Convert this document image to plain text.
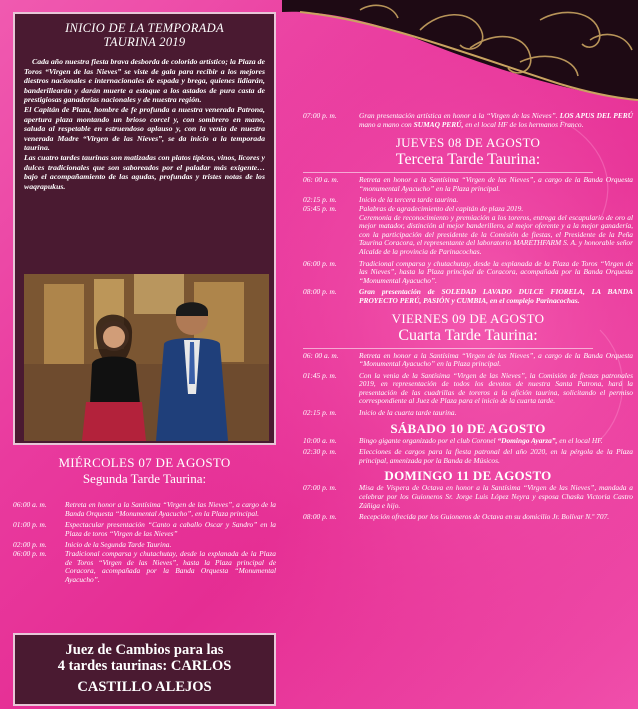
INICIO DE LA TEMPORADA
TAURINA 2019

Cada año nuestra fiesta brava desborda de colorido artístico; la Plaza de Toros “Virgen de las Nieves” se viste de gala para recibir a los mejores diestros nacionales e internacionales de espada y brega, quienes lidiarán, banderillearán y darán muerte a estoque a los astados de pura casta de prestigiosas ganaderías nacionales y de nuestra región.

El Capitán de Plaza, hombre de fe profunda a nuestra venerada Patrona, apertura plaza montando un brioso corcel y, con sombrero en mano, saluda al respetable en estruendoso aplauso y, con la venia de nuestra venerada Madre “Virgen de las Nieves”, se da inicio a la temporada taurina.

Las cuatro tardes taurinas son matizadas con platos típicos, vinos, licores y dulces tradicionales que son saboreados por el paladar más exigente… bajo el acompañamiento de las agudas, profundas y tristes notas de los waqrapukus.

MIÉRCOLES 07 DE AGOSTO
Segunda Tarde Taurina:
06:00 a. m.	Retreta en honor a la Santísima “Virgen de las Nieves”, a cargo de la Banda Orquesta “Monumental Ayacucho”, en la Plaza principal.
01:00 p. m.	Espectacular presentación “Canto a caballo Oscar y Sandro” en la Plaza de toros “Virgen de las Nieves”
02:00 p. m.	Inicio de la Segunda Tarde Taurina.
06:00 p. m.	Tradicional comparsa y chutachutay, desde la explanada de la Plaza de Toros “Virgen de las Nieves”, hasta la Plaza principal de Coracora, acompañada por la Banda Orquesta “Monumental Ayacucho”.
Juez de Cambios para las
4 tardes taurinas: CARLOS
CASTILLO ALEJOS
07:00 p. m.	Gran presentación artística en honor a la “Virgen de las Nieves”. LOS APUS DEL PERÚ mano a mano con SUMAQ PERÚ, en el local HF de los hermanos Franco.
JUEVES 08 DE AGOSTO
Tercera Tarde Taurina:
06: 00 a. m.	Retreta en honor a la Santísima “Virgen de las Nieves”, a cargo de la Banda Orquesta “monumental Ayacucho” en la Plaza principal.
02:15 p. m.	Inicio de la tercera tarde taurina.
05:45 p. m.	Palabras de agradecimiento del capitán de plaza 2019.
Ceremonia de reconocimiento y premiación a los toreros, entrega del escapulario de oro al mejor matador, distinción al mejor banderillero, al mejor oferente y a la mejor ganadería, con la participación del presidente de la Comisión de fiestas, el Presidente de la Peña Taurina Coracora, el representante del laboratorio MARETHFARM S. A. y honorable señor Alcalde de la provincia de Parinacochas.
06:00 p. m.	Tradicional comparsa y chutachutay, desde la explanada de la Plaza de Toros “Virgen de las Nieves”, hasta la Plaza principal de Coracora, acompañada por la Banda Orquesta “Monumental Ayacucho”.
08:00 p. m.	Gran presentación de SOLEDAD LAVADO DULCE FIORELA, LA BANDA PROYECTO PERÚ, PASIÓN y CUMBIA, en el complejo Parinacochas.
VIERNES 09 DE AGOSTO
Cuarta Tarde Taurina:
06: 00 a. m.	Retreta en honor a la Santísima “Virgen de las Nieves”, a cargo de la Banda Orquesta “Monumental Ayacucho” en la Plaza principal.
01:45 p. m.	Con la venia de la Santísima “Virgen de las Nieves”, la Comisión de fiestas patronales 2019, en representación de todos los devotos de nuestra Santa Patrona, hará la presentación de las cuadrillas de toreros a la afición taurina, solicitando el permiso correspondiente al Juez de Plaza para el inicio de la cuarta tarde.
02:15 p. m.	Inicio de la cuarta tarde taurina.
SÁBADO 10 DE AGOSTO
10:00 a. m.	Bingo gigante organizado por el club Coronel “Domingo Ayarza”, en el local HF.
02:30 p. m.	Elecciones de cargos para la fiesta patronal del año 2020, en la pérgola de la Plaza principal, amenizada por la Banda de Músicos.
DOMINGO 11 DE AGOSTO
07:00 p. m.	Misa de Víspera de Octava en honor a la Santísima “Virgen de las Nieves”, mandada a celebrar por los Guioneros Sr. Jorge Luis López Neyra y esposa Chaska Victoria Castro Zúñiga e hijo.
08:00 p. m.	Recepción ofrecida por los Guioneros de Octava en su domicilio Jr. Bolívar N.º 707.
